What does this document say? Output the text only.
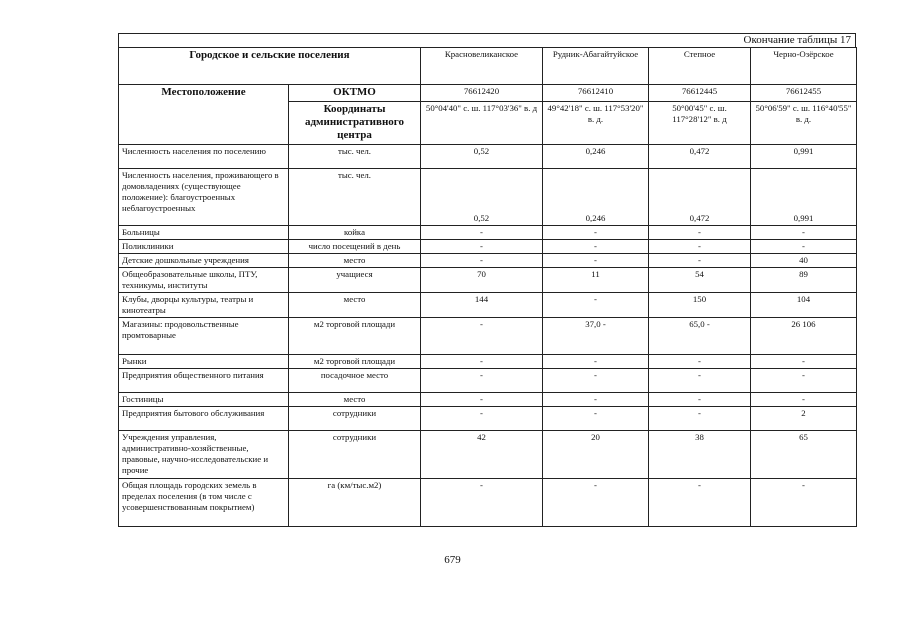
Окончание таблицы 17
Городское и сельские поселения		Красновеликанское	Рудник-Абагайтуйское	Степное	Черно-Озёрское
Местоположение	ОКТМО	76612420	76612410	76612445	76612455
	Координаты административного центра	50°04'40" с. ш. 117°03'36" в. д	49°42'18" с. ш. 117°53'20" в. д.	50°00'45" с. ш. 117°28'12" в. д	50°06'59" с. ш. 116°40'55" в. д.
Численность населения по поселению	тыс. чел.	0,52	0,246	0,472	0,991
Численность населения, проживающего в домовладениях (существующее положение): благоустроенных неблагоустроенных	тыс. чел.	0,52	0,246	0,472	0,991
Больницы	койка	-	-	-	-
Поликлиники	число посещений в день	-	-	-	-
Детские дошкольные учреждения	место	-	-	-	40
Общеобразовательные школы, ПТУ, техникумы, институты	учащиеся	70	11	54	89
Клубы, дворцы культуры, театры и кинотеатры	место	144	-	150	104
Магазины: продовольственные промтоварные	м2 торговой площади	-	37,0 -	65,0 -	26 106
Рынки	м2 торговой площади	-	-	-	-
Предприятия общественного питания	посадочное место	-	-	-	-
Гостиницы	место	-	-	-	-
Предприятия бытового обслуживания	сотрудники	-	-	-	2
Учреждения управления, административно-хозяйственные, правовые, научно-исследовательские и прочие	сотрудники	42	20	38	65
Общая площадь городских земель в пределах поселения (в том числе с усовершенствованным покрытием)	га (км/тыс.м2)	-	-	-	-
679
